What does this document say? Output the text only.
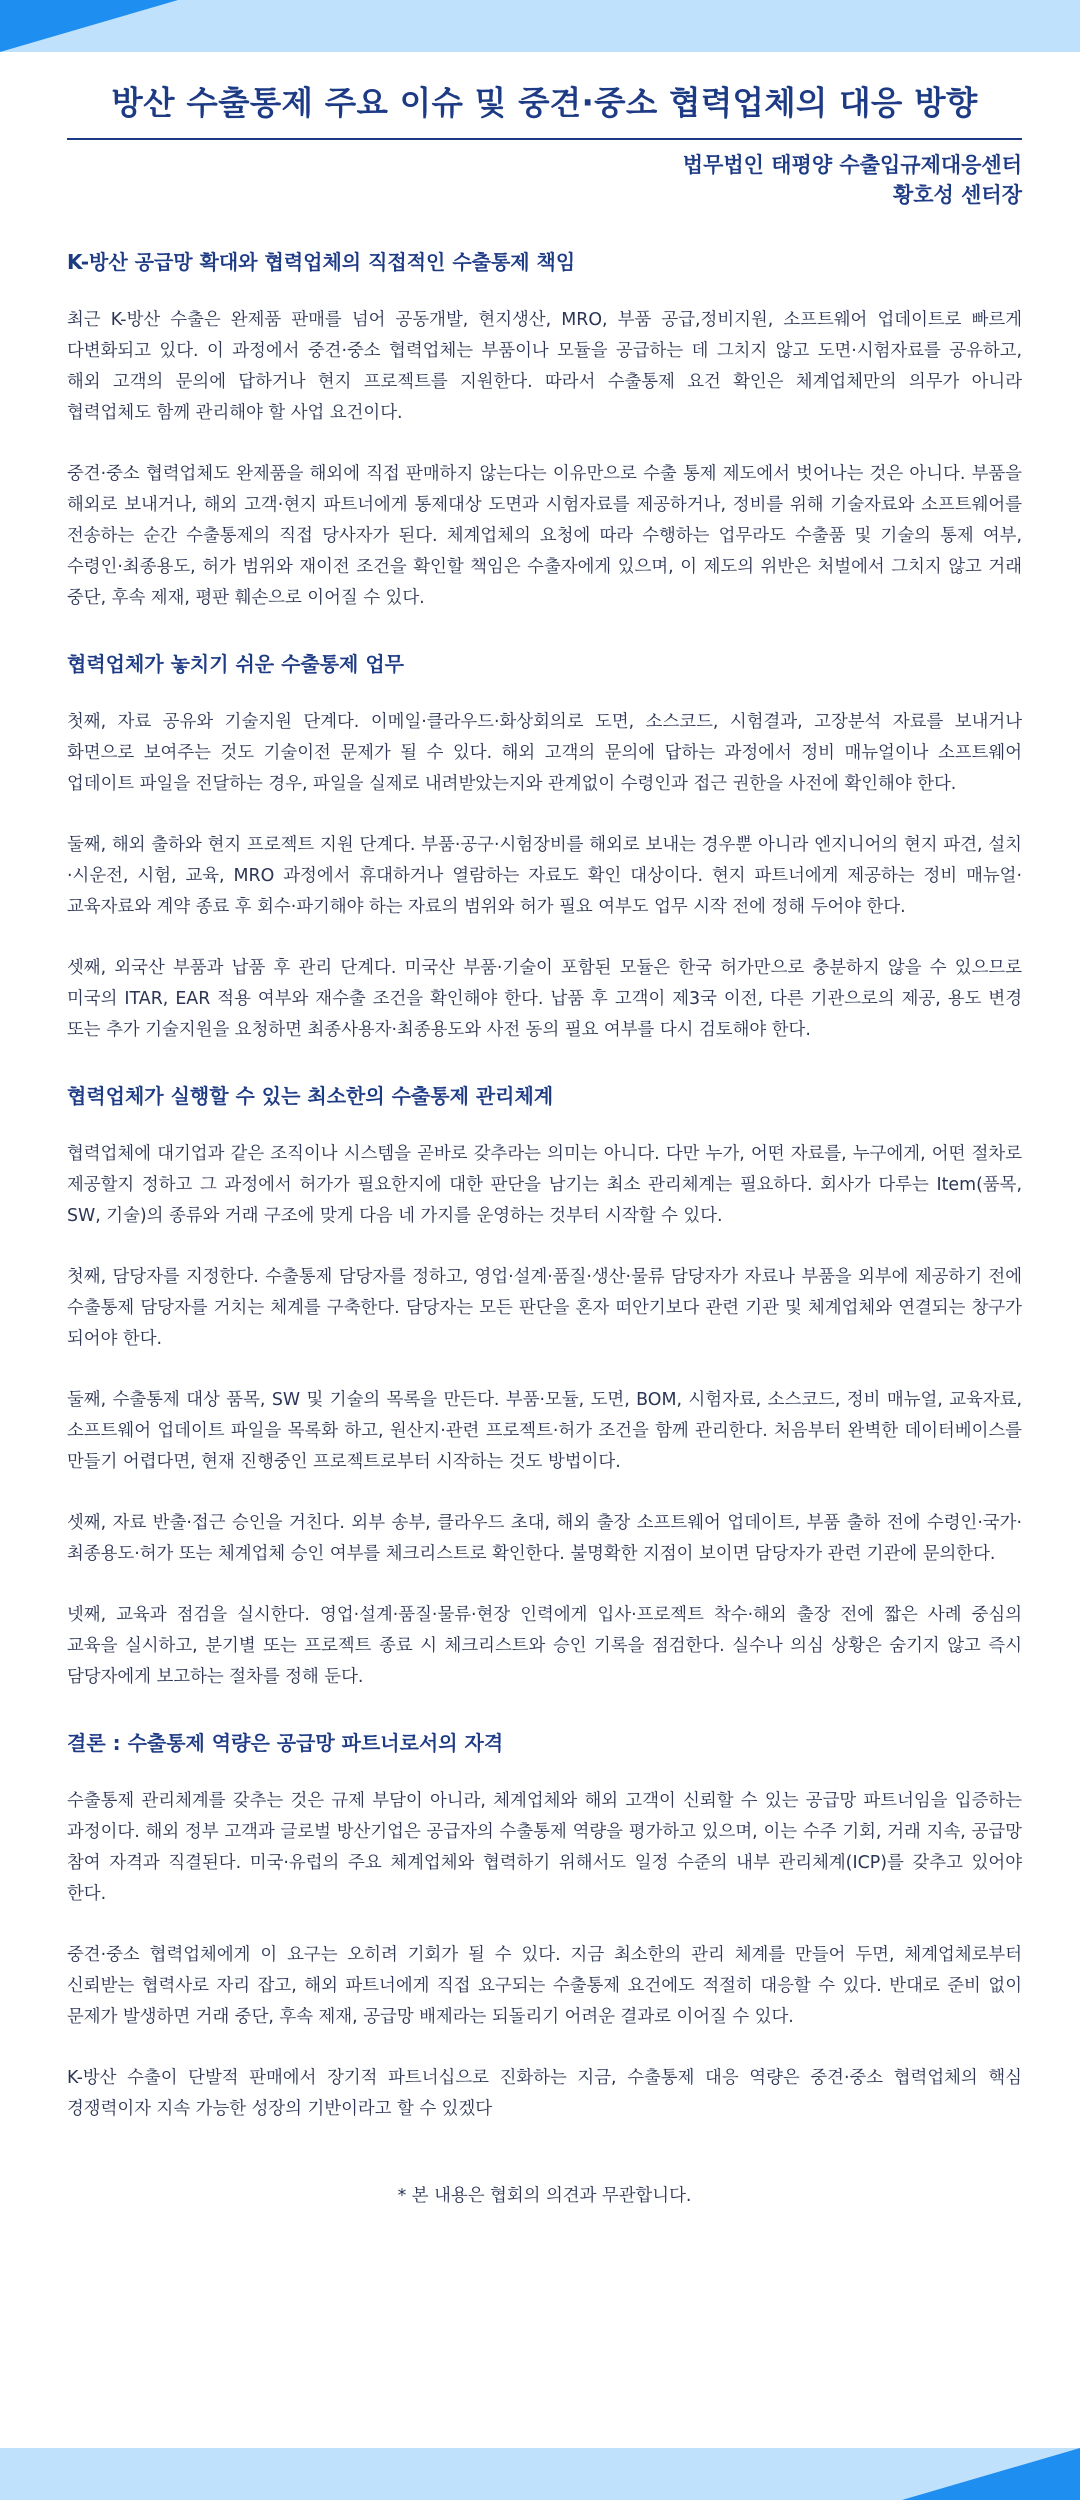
방산 수출통제 주요 이슈 및 중견·중소 협력업체의 대응 방향
법무법인 태평양 수출입규제대응센터
황호성 센터장
K-방산 공급망 확대와 협력업체의 직접적인 수출통제 책임

최근 K-방산 수출은 완제품 판매를 넘어 공동개발, 현지생산, MRO, 부품 공급,정비지원, 소프트웨어 업데이트로 빠르게 다변화되고 있다. 이 과정에서 중견·중소 협력업체는 부품이나 모듈을 공급하는 데 그치지 않고 도면·시험자료를 공유하고, 해외 고객의 문의에 답하거나 현지 프로젝트를 지원한다. 따라서 수출통제 요건 확인은 체계업체만의 의무가 아니라 협력업체도 함께 관리해야 할 사업 요건이다.

중견·중소 협력업체도 완제품을 해외에 직접 판매하지 않는다는 이유만으로 수출 통제 제도에서 벗어나는 것은 아니다. 부품을 해외로 보내거나, 해외 고객·현지 파트너에게 통제대상 도면과 시험자료를 제공하거나, 정비를 위해 기술자료와 소프트웨어를 전송하는 순간 수출통제의 직접 당사자가 된다. 체계업체의 요청에 따라 수행하는 업무라도 수출품 및 기술의 통제 여부, 수령인·최종용도, 허가 범위와 재이전 조건을 확인할 책임은 수출자에게 있으며, 이 제도의 위반은 처벌에서 그치지 않고 거래 중단, 후속 제재, 평판 훼손으로 이어질 수 있다.

협력업체가 놓치기 쉬운 수출통제 업무

첫째, 자료 공유와 기술지원 단계다. 이메일·클라우드·화상회의로 도면, 소스코드, 시험결과, 고장분석 자료를 보내거나 화면으로 보여주는 것도 기술이전 문제가 될 수 있다. 해외 고객의 문의에 답하는 과정에서 정비 매뉴얼이나 소프트웨어 업데이트 파일을 전달하는 경우, 파일을 실제로 내려받았는지와 관계없이 수령인과 접근 권한을 사전에 확인해야 한다.

둘째, 해외 출하와 현지 프로젝트 지원 단계다. 부품·공구·시험장비를 해외로 보내는 경우뿐 아니라 엔지니어의 현지 파견, 설치·시운전, 시험, 교육, MRO 과정에서 휴대하거나 열람하는 자료도 확인 대상이다. 현지 파트너에게 제공하는 정비 매뉴얼·교육자료와 계약 종료 후 회수·파기해야 하는 자료의 범위와 허가 필요 여부도 업무 시작 전에 정해 두어야 한다.

셋째, 외국산 부품과 납품 후 관리 단계다. 미국산 부품·기술이 포함된 모듈은 한국 허가만으로 충분하지 않을 수 있으므로 미국의 ITAR, EAR 적용 여부와 재수출 조건을 확인해야 한다. 납품 후 고객이 제3국 이전, 다른 기관으로의 제공, 용도 변경 또는 추가 기술지원을 요청하면 최종사용자·최종용도와 사전 동의 필요 여부를 다시 검토해야 한다.

협력업체가 실행할 수 있는 최소한의 수출통제 관리체계

협력업체에 대기업과 같은 조직이나 시스템을 곧바로 갖추라는 의미는 아니다. 다만 누가, 어떤 자료를, 누구에게, 어떤 절차로 제공할지 정하고 그 과정에서 허가가 필요한지에 대한 판단을 남기는 최소 관리체계는 필요하다. 회사가 다루는 Item(품목, SW, 기술)의 종류와 거래 구조에 맞게 다음 네 가지를 운영하는 것부터 시작할 수 있다.

첫째, 담당자를 지정한다. 수출통제 담당자를 정하고, 영업·설계·품질·생산·물류 담당자가 자료나 부품을 외부에 제공하기 전에 수출통제 담당자를 거치는 체계를 구축한다. 담당자는 모든 판단을 혼자 떠안기보다 관련 기관 및 체계업체와 연결되는 창구가 되어야 한다.

둘째, 수출통제 대상 품목, SW 및 기술의 목록을 만든다. 부품·모듈, 도면, BOM, 시험자료, 소스코드, 정비 매뉴얼, 교육자료, 소프트웨어 업데이트 파일을 목록화 하고, 원산지·관련 프로젝트·허가 조건을 함께 관리한다. 처음부터 완벽한 데이터베이스를 만들기 어렵다면, 현재 진행중인 프로젝트로부터 시작하는 것도 방법이다.

셋째, 자료 반출·접근 승인을 거친다. 외부 송부, 클라우드 초대, 해외 출장 소프트웨어 업데이트, 부품 출하 전에 수령인·국가·최종용도·허가 또는 체계업체 승인 여부를 체크리스트로 확인한다. 불명확한 지점이 보이면 담당자가 관련 기관에 문의한다.

넷째, 교육과 점검을 실시한다. 영업·설계·품질·물류·현장 인력에게 입사·프로젝트 착수·해외 출장 전에 짧은 사례 중심의 교육을 실시하고, 분기별 또는 프로젝트 종료 시 체크리스트와 승인 기록을 점검한다. 실수나 의심 상황은 숨기지 않고 즉시 담당자에게 보고하는 절차를 정해 둔다.

결론 : 수출통제 역량은 공급망 파트너로서의 자격

수출통제 관리체계를 갖추는 것은 규제 부담이 아니라, 체계업체와 해외 고객이 신뢰할 수 있는 공급망 파트너임을 입증하는 과정이다. 해외 정부 고객과 글로벌 방산기업은 공급자의 수출통제 역량을 평가하고 있으며, 이는 수주 기회, 거래 지속, 공급망 참여 자격과 직결된다. 미국·유럽의 주요 체계업체와 협력하기 위해서도 일정 수준의 내부 관리체계(ICP)를 갖추고 있어야 한다.

중견·중소 협력업체에게 이 요구는 오히려 기회가 될 수 있다. 지금 최소한의 관리 체계를 만들어 두면, 체계업체로부터 신뢰받는 협력사로 자리 잡고, 해외 파트너에게 직접 요구되는 수출통제 요건에도 적절히 대응할 수 있다. 반대로 준비 없이 문제가 발생하면 거래 중단, 후속 제재, 공급망 배제라는 되돌리기 어려운 결과로 이어질 수 있다.

K-방산 수출이 단발적 판매에서 장기적 파트너십으로 진화하는 지금, 수출통제 대응 역량은 중견·중소 협력업체의 핵심 경쟁력이자 지속 가능한 성장의 기반이라고 할 수 있겠다

* 본 내용은 협회의 의견과 무관합니다.
